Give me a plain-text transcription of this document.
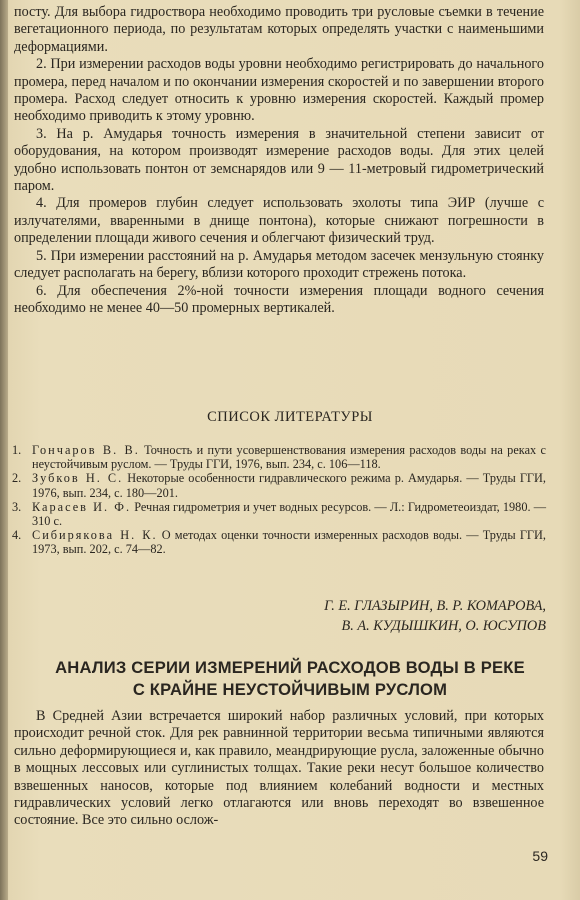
посту. Для выбора гидроствора необходимо проводить три русловые съемки в течение вегетационного периода, по результатам которых определять участки с наименьшими деформациями.

2. При измерении расходов воды уровни необходимо регистрировать до начального промера, перед началом и по окончании измерения скоростей и по завершении второго промера. Расход следует относить к уровню измерения скоростей. Каждый промер необходимо приводить к этому уровню.

3. На р. Амударья точность измерения в значительной степени зависит от оборудования, на котором производят измерение расходов воды. Для этих целей удобно использовать понтон от земснарядов или 9 — 11-метровый гидрометрический паром.

4. Для промеров глубин следует использовать эхолоты типа ЭИР (лучше с излучателями, вваренными в днище понтона), которые снижают погрешности в определении площади живого сечения и облегчают физический труд.

5. При измерении расстояний на р. Амударья методом засечек мензульную стоянку следует располагать на берегу, вблизи которого проходит стрежень потока.

6. Для обеспечения 2%-ной точности измерения площади водного сечения необходимо не менее 40—50 промерных вертикалей.

СПИСОК ЛИТЕРАТУРЫ
1. Гончаров В. В. Точность и пути усовершенствования измерения расходов воды на реках с неустойчивым руслом. — Труды ГГИ, 1976, вып. 234, с. 106—118.
2. Зубков Н. С. Некоторые особенности гидравлического режима р. Амударья. — Труды ГГИ, 1976, вып. 234, с. 180—201.
3. Карасев И. Ф. Речная гидрометрия и учет водных ресурсов. — Л.: Гидрометеоиздат, 1980. — 310 с.
4. Сибирякова Н. К. О методах оценки точности измеренных расходов воды. — Труды ГГИ, 1973, вып. 202, с. 74—82.
Г. Е. ГЛАЗЫРИН, В. Р. КОМАРОВА,
В. А. КУДЫШКИН, О. ЮСУПОВ
АНАЛИЗ СЕРИИ ИЗМЕРЕНИЙ РАСХОДОВ ВОДЫ В РЕКЕ
С КРАЙНЕ НЕУСТОЙЧИВЫМ РУСЛОМ

В Средней Азии встречается широкий набор различных условий, при которых происходит речной сток. Для рек равнинной территории весьма типичными являются сильно деформирующиеся и, как правило, меандрирующие русла, заложенные обычно в мощных лессовых или суглинистых толщах. Такие реки несут большое количество взвешенных наносов, которые под влиянием колебаний водности и местных гидравлических условий легко отлагаются или вновь переходят во взвешенное состояние. Все это сильно ослож-

59
